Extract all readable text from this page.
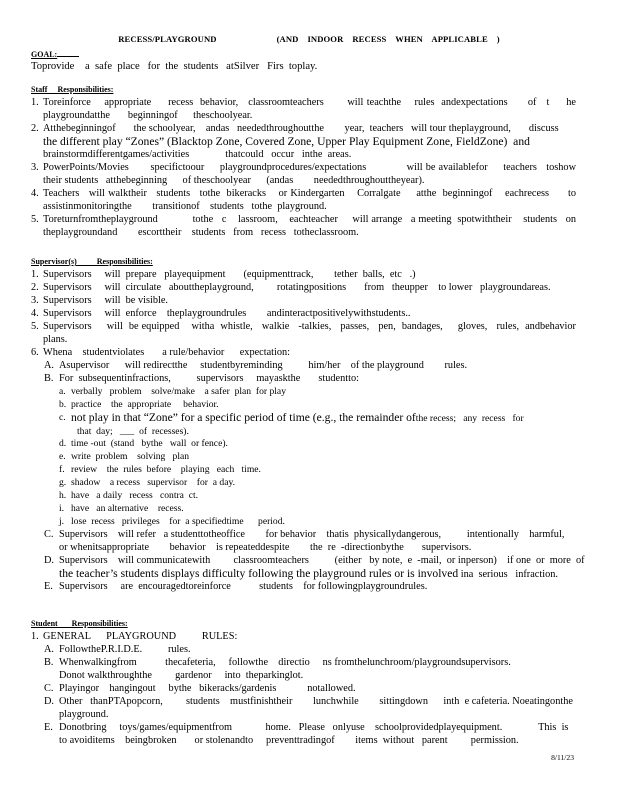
RECESS/PLAYGROUND	(AND    INDOOR    RECESS    WHEN    APPLICABLE    )
GOAL:
Toprovide    a  safe  place   for  the  students   atSilver   Firs  toplay.
Staff     Responsibilities:
1. Toreinforce    appropriate     recess  behavior,   classroomteachers       will teachthe    rules  andexpectations      of   t     he playgroundatthe       beginningof      theschoolyear.
2. Atthebeginningof       the schoolyear,    andas   neededthroughoutthe        year,  teachers   will tour theplayground,       discuss
the different play “Zones” (Blacktop Zone, Covered Zone, Upper Play Equipment Zone, FieldZone)  and
brainstormdifferentgames/activities              thatcould   occur   inthe  areas.
3. PowerPoints/Movies       specifictoour     playgroundprocedures/expectations             will be availablefor     teachers   toshow their students   atthebeginning      of theschoolyear      (andas        neededthroughouttheyear).
4. Teachers   will walktheir   students   tothe  bikeracks    or Kindergarten    Corralgate     atthe  beginningof    eachrecess      to assistinmonitoringthe        transitionof    students   tothe  playground.
5. Toreturnfromtheplayground            tothe   c    lassroom,    eachteacher     will arrange   a meeting  spotwiththeir    students   on theplaygroundand        escorttheir    students   from   recess   totheclassroom.
Supervisor(s)          Responsibilities:
1. Supervisors     will  prepare   playequipment       (equipmenttrack,        tether  balls,  etc   .)
2. Supervisors     will  circulate   abouttheplayground,         rotatingpositions       from   theupper    to lower   playgroundareas.
3. Supervisors     will  be visible.
4. Supervisors     will  enforce    theplaygroundrules        andinteractpositivelywithstudents..
5. Supervisors     will  be equipped    witha  whistle,   walkie   -talkies,   passes,   pen,  bandages,     gloves,   rules,  andbehavior plans.
6. Whena    studentviolates       a rule/behavior      expectation:
A. Asupervisor      will redirectthe     studentbyreminding          him/her    of the playground        rules.
B. For  subsequentinfractions,          supervisors     mayaskthe       studentto:
a. verbally   problem    solve/make    a safer  plan  for play
b. practice    the  appropriate     behavior.
c. not play in that “Zone” for a specific period of time (e.g., the remainder ofthe recess;   any  recess   for
that  day;   ___  of  recesses).
d. time -out  (stand   bythe   wall  or fence).
e. write  problem    solving   plan
f. review    the  rules  before    playing   each   time.
g. shadow    a recess   supervisor    for  a day.
h. have   a daily   recess   contra  ct.
i. have   an alternative    recess.
j. lose  recess   privileges    for  a specifiedtime      period.
C. Supervisors    will refer   a studenttotheoffice        for behavior    thatis  physicallydangerous,          intentionally    harmful,   or whenitsappropriate        behavior    is repeateddespite        the  re  -directionbythe       supervisors.
D. Supervisors    will communicatewith         classroomteachers          (either   by note,  e  -mail,  or inperson)    if one  or  more  of the teacher’s students displays difficulty following the playground rules or is involved ina  serious   infraction.
E. Supervisors     are  encouragedtoreinforce           students    for followingplaygroundrules.
Student       Responsibilities:
1. GENERAL      PLAYGROUND          RULES:
A. FollowtheP.R.I.D.E.          rules.
B. Whenwalkingfrom           thecafeteria,     followthe    directio     ns fromthelunchroom/playgroundsupervisors.                    Donot walkthroughthe         gardenor     into  theparkinglot.
C. Playingor    hangingout     bythe   bikeracks/gardenis            notallowed.
D. Other   thanPTApopcorn,         students    mustfinishtheir        lunchwhile        sittingdown      inth  e cafeteria. Noeatingonthe        playground.
E. Donotbring     toys/games/equipmentfrom             home.   Please   onlyuse    schoolprovidedplayequipment.              This  is to avoiditems    beingbroken       or stolenandto     preventtradingof        items  without   parent         permission.
8/11/23
